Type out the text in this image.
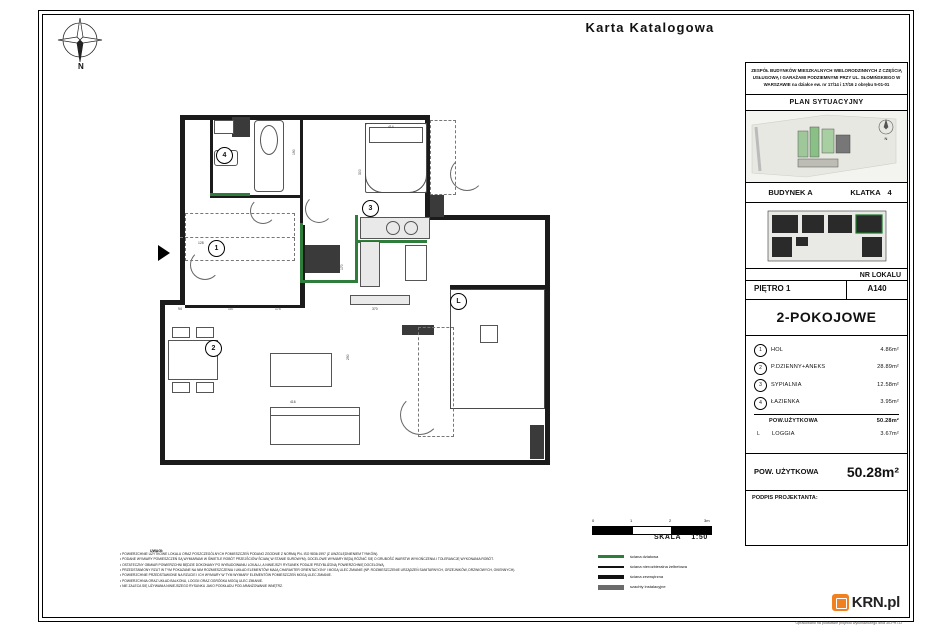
Karta Katalogowa
N
L
1
2
3
4
128
414
190
300
170
94	107	174	370
416
290
ZESPÓŁ BUDYNKÓW MIESZKALNYCH WIELORODZINNYCH Z CZĘŚCIĄ USŁUGOWĄ I GARAŻAMI PODZIEMNYMI PRZY UL. SŁOMIŃSKIEGO W WARSZAWIE na działce ew. nr 17/14 i 17/16 z obrębu 5-01-01
PLAN SYTUACYJNY
N
BUDYNEK A	KLATKA 4
NR LOKALU
PIĘTRO 1	A140
2-POKOJOWE
1	HOL	4.86m²
2	P.DZIENNY+ANEKS	28.89m²
3	SYPIALNIA	12.58m²
4	ŁAZIENKA	3.95m²
POW.UŻYTKOWA	50.28m²
L	LOGGIA	3.67m²
POW. UŻYTKOWA	50.28m²
PODPIS PROJEKTANTA:
0	1	2	3m
SKALA 1:50
ściana działowa
ściana nierozbieralna żelbetowa
ściana zewnętrzna
szachty instalacyjne
UWAGI:
• POWIERZCHNIE UŻYTKOWE LOKALU ORAZ POSZCZEGÓLNYCH POMIESZCZEŃ PODANO ZGODNIE Z NORMĄ PN- ISO 9836:1997 (Z UWZGLĘDNIENIEM TYNKÓW).
• PODANE WYMIARY POMIESZCZEŃ SĄ WYMIARAMI W ŚWIETLE ROBÓT PRZEJŚCIÓW ŚCIAN( W STANIE SUROWYM). DOCELOWE WYMIARY BĘDĄ RÓŻNIĆ SIĘ O GRUBOŚĆ WARSTW WYKOŃCZENIA I TOLERANCJĘ WYKONANIA ROBÓT.
• OSTATECZNY OBMIAR POWIERZCHNI BĘDZIE DOKONANY PO WYBUDOWANIU LOKALU, A NINIEJSZY RYSUNEK PODAJE PRZYBLIŻONĄ POWIERZCHNIĘ DOCELOWĄ.
• PRZEDSTAWIONY RZUT W TYM POKAZANE NA NIM ROZMIESZCZENIA I UKŁAD ELEMENTÓW MAJĄ CHARAKTER ORIENTACYJNY I MOGĄ ULEC ZMIANIE (NP. ROZMIESZCZENIE URZĄDZEŃ SANITARNYCH, GRZEJNIKÓW, DRZWIOWYCH, OKIENNYCH).
• POWIERZCHNIE PRZEDSTAWIONE NA RZUCIE I ICH WYMIARY W TYM WYMIARY ELEMENTÓW POMIESZCZEŃ MOGĄ ULEC ZMIANIE.
• POWIERZCHNIA ORAZ UKŁAD BALKONU, LOGGII ORAZ OGRÓDKA MOGĄ ULEC ZMIANIE.
• NIE ZALECA SIĘ UŻYWANIA NINIEJSZEGO RYSUNKU JAKO PODKŁADU POD ARANŻOWANIE WNĘTRZ.
KRN.pl
Opracowano na podstawie projektu wykonawczego dnia 30-PH7-D
